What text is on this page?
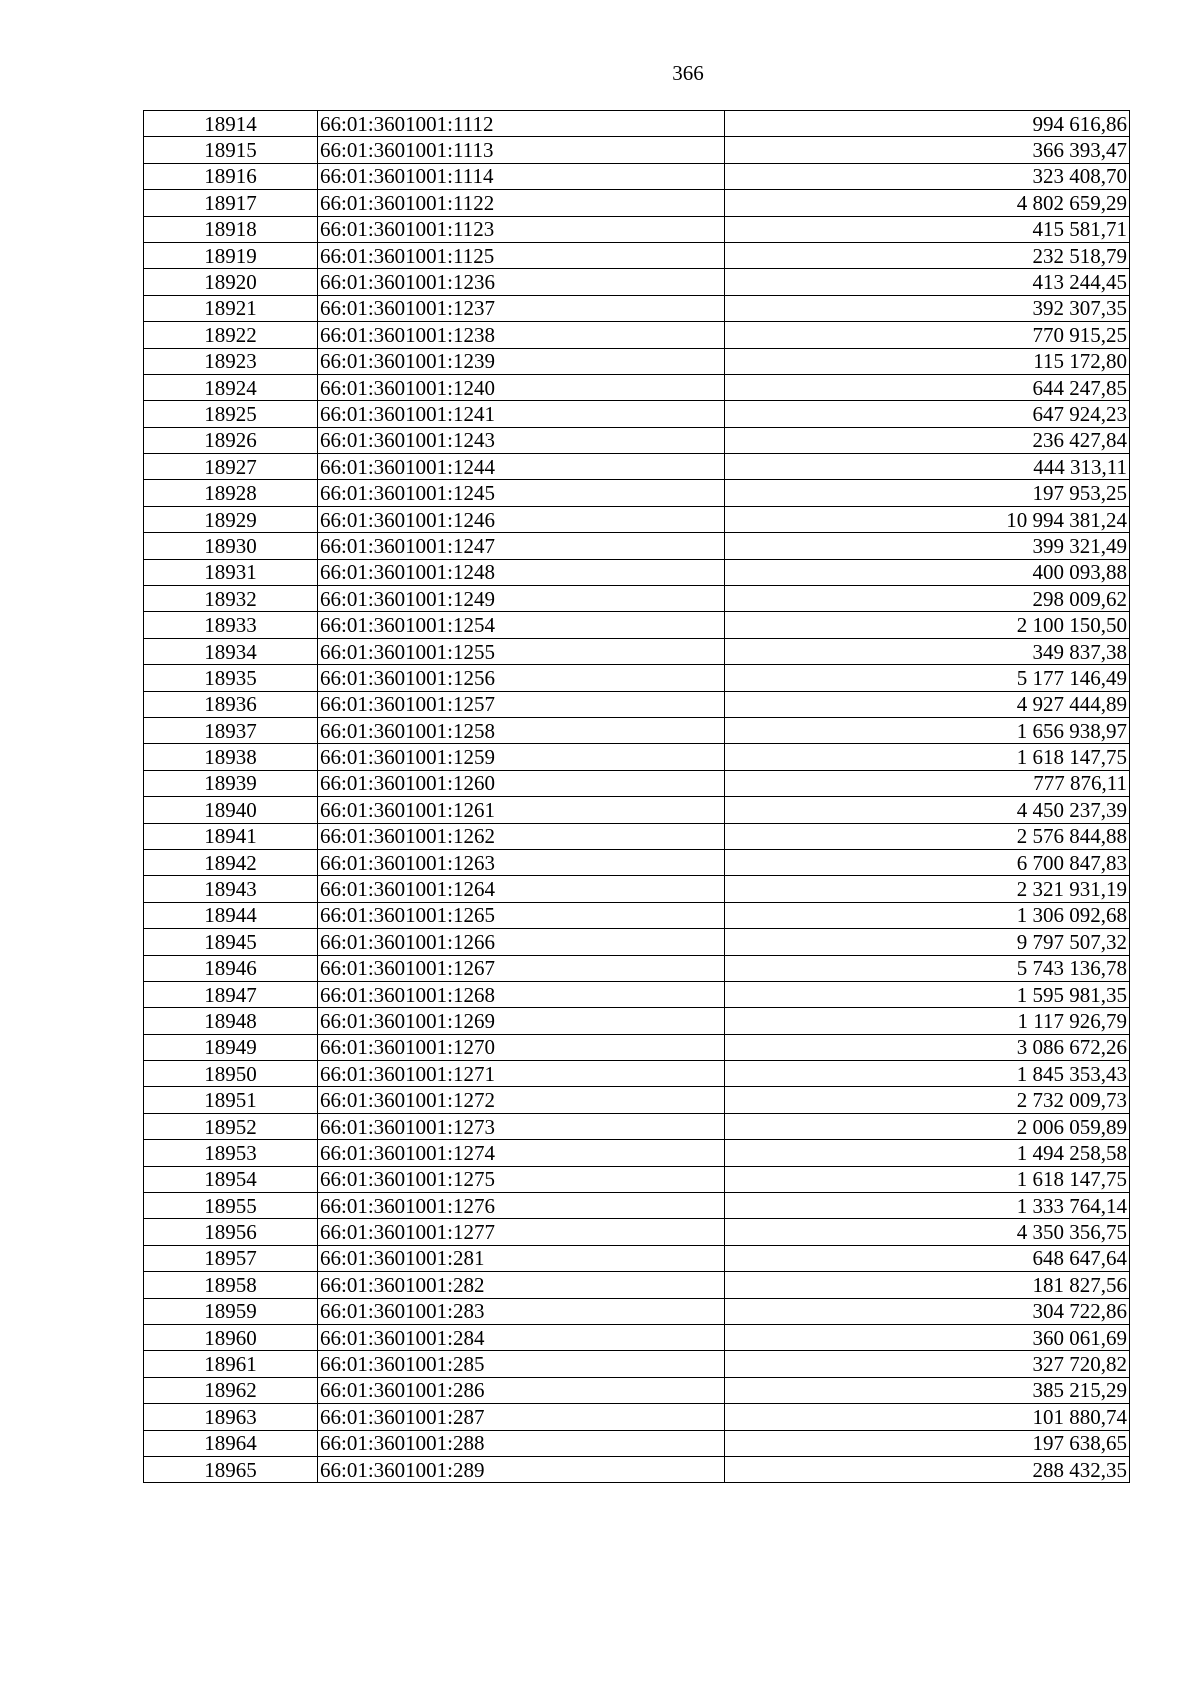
366
18914	66:01:3601001:1112	994 616,86
18915	66:01:3601001:1113	366 393,47
18916	66:01:3601001:1114	323 408,70
18917	66:01:3601001:1122	4 802 659,29
18918	66:01:3601001:1123	415 581,71
18919	66:01:3601001:1125	232 518,79
18920	66:01:3601001:1236	413 244,45
18921	66:01:3601001:1237	392 307,35
18922	66:01:3601001:1238	770 915,25
18923	66:01:3601001:1239	115 172,80
18924	66:01:3601001:1240	644 247,85
18925	66:01:3601001:1241	647 924,23
18926	66:01:3601001:1243	236 427,84
18927	66:01:3601001:1244	444 313,11
18928	66:01:3601001:1245	197 953,25
18929	66:01:3601001:1246	10 994 381,24
18930	66:01:3601001:1247	399 321,49
18931	66:01:3601001:1248	400 093,88
18932	66:01:3601001:1249	298 009,62
18933	66:01:3601001:1254	2 100 150,50
18934	66:01:3601001:1255	349 837,38
18935	66:01:3601001:1256	5 177 146,49
18936	66:01:3601001:1257	4 927 444,89
18937	66:01:3601001:1258	1 656 938,97
18938	66:01:3601001:1259	1 618 147,75
18939	66:01:3601001:1260	777 876,11
18940	66:01:3601001:1261	4 450 237,39
18941	66:01:3601001:1262	2 576 844,88
18942	66:01:3601001:1263	6 700 847,83
18943	66:01:3601001:1264	2 321 931,19
18944	66:01:3601001:1265	1 306 092,68
18945	66:01:3601001:1266	9 797 507,32
18946	66:01:3601001:1267	5 743 136,78
18947	66:01:3601001:1268	1 595 981,35
18948	66:01:3601001:1269	1 117 926,79
18949	66:01:3601001:1270	3 086 672,26
18950	66:01:3601001:1271	1 845 353,43
18951	66:01:3601001:1272	2 732 009,73
18952	66:01:3601001:1273	2 006 059,89
18953	66:01:3601001:1274	1 494 258,58
18954	66:01:3601001:1275	1 618 147,75
18955	66:01:3601001:1276	1 333 764,14
18956	66:01:3601001:1277	4 350 356,75
18957	66:01:3601001:281	648 647,64
18958	66:01:3601001:282	181 827,56
18959	66:01:3601001:283	304 722,86
18960	66:01:3601001:284	360 061,69
18961	66:01:3601001:285	327 720,82
18962	66:01:3601001:286	385 215,29
18963	66:01:3601001:287	101 880,74
18964	66:01:3601001:288	197 638,65
18965	66:01:3601001:289	288 432,35
